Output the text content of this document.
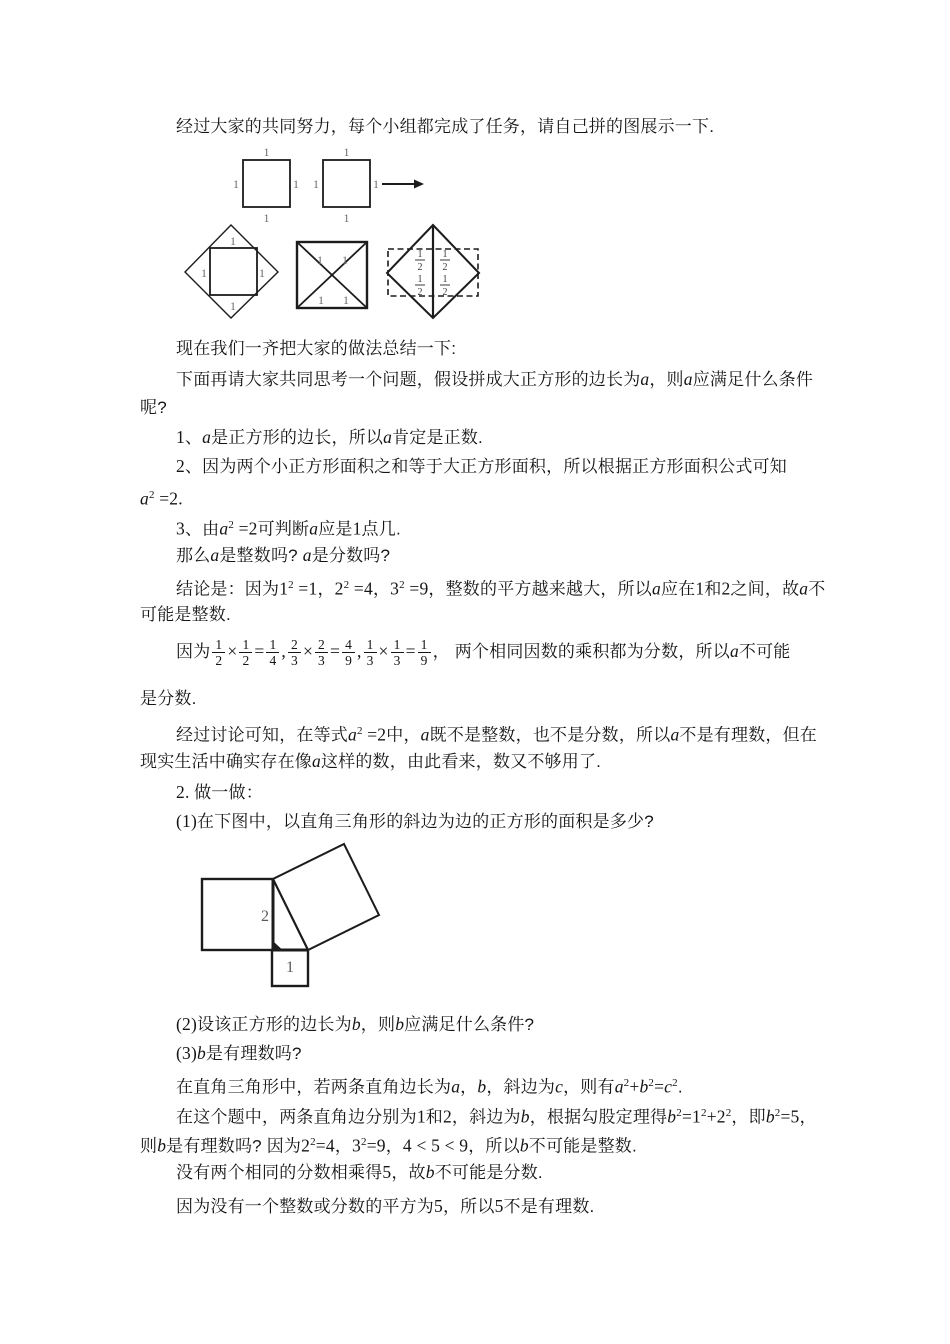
经过大家的共同努力，每个小组都完成了任务，请自己拼的图展示一下.
现在我们一齐把大家的做法总结一下:
下面再请大家共同思考一个问题，假设拼成大正方形的边长为a，则a应满足什么条件
呢?
1、a是正方形的边长，所以a肯定是正数.
2、因为两个小正方形面积之和等于大正方形面积，所以根据正方形面积公式可知
$a^2 =2$.
3、由$a^2 =2$可判断a应是1点几.
那么a是整数吗? a是分数吗?
结论是：因为$1^2 =1$，$2^2 =4$，$3^2 =9$，整数的平方越来越大，所以a应在1和2之间，故a不
可能是整数.
因为 $\frac{1}{2} \times \frac{1}{2} = \frac{1}{4}$ , $\frac{2}{3} \times \frac{2}{3} = \frac{4}{9}$ , $\frac{1}{3} \times \frac{1}{3} = \frac{1}{9}$ ， 两个相同因数的乘积都为分数，所以a不可能
是分数.
经过讨论可知，在等式$a^2 =2$中，a既不是整数，也不是分数，所以a不是有理数，但在
现实生活中确实存在像a这样的数，由此看来，数又不够用了.
2. 做一做：
(1)在下图中，以直角三角形的斜边为边的正方形的面积是多少?
(2)设该正方形的边长为b，则b应满足什么条件?
(3)b是有理数吗?
在直角三角形中，若两条直角边长为a，b，斜边为c，则有$a^2+b^2=c^2$.
在这个题中，两条直角边分别为1和2，斜边为b，根据勾股定理得$b^2=1^2+2^2$，即$b^2=5$，
则b是有理数吗? 因为$2^2=4$，$3^2=9$，4 < 5 < 9，所以b不可能是整数.
没有两个相同的分数相乘得5，故b不可能是分数.
因为没有一个整数或分数的平方为5，所以5不是有理数.
1
1	1
1
1
1	1
1
1
1	1
1
1 1
1 1
1
2
1
2
1
2
1
2
2
1
